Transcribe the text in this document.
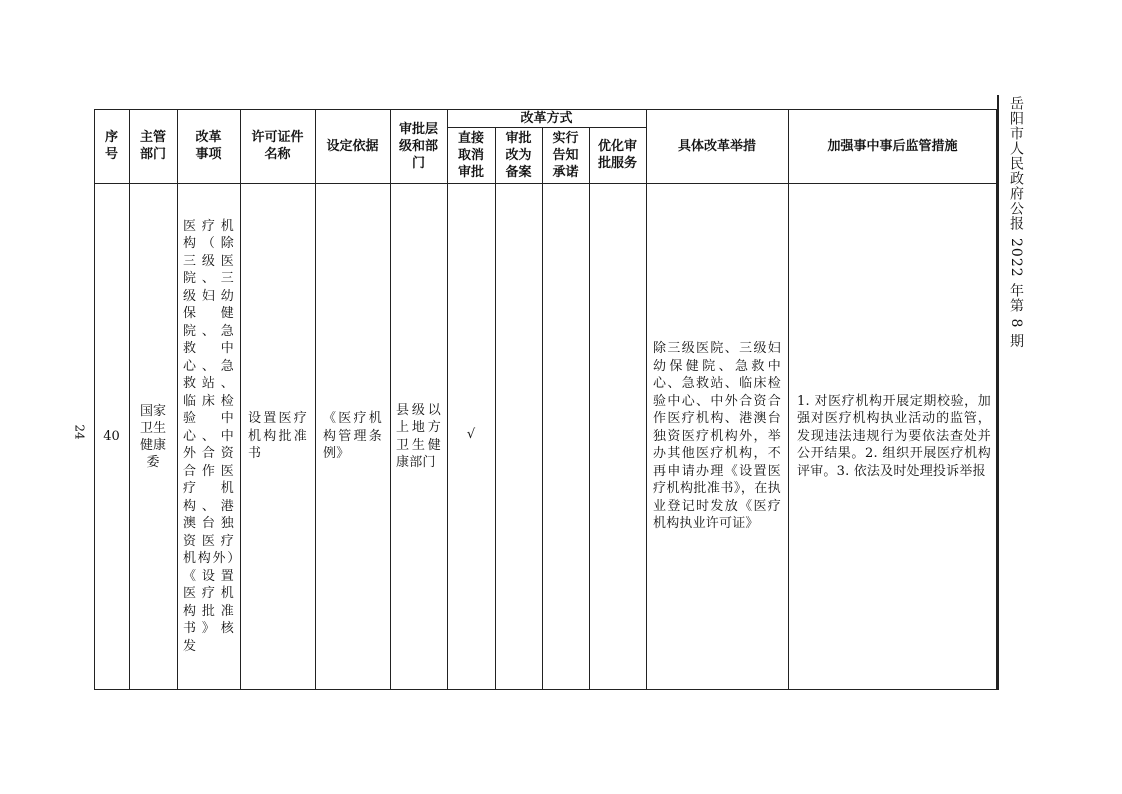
24
岳阳市人民政府公报
2022 年第 8 期
序号
主管部门
改革事项
许可证件名称
设定依据
审批层级和部门
改革方式
直接取消审批
审批改为备案
实行告知承诺
优化审批服务
具体改革举措	加强事中事后监管措施
40
国家卫生健康委
医疗机构（除三级医院、三级妇幼保健院、急救中心、急救站、临床检验中心、中外合资合作医疗机构、港澳台独资医疗机构外）《设置医疗机构批准书》核发
设置医疗机构批准书
《医疗机构管理条例》
县级以上地方卫生健康部门
√
除三级医院、三级妇幼保健院、急救中心、急救站、临床检验中心、中外合资合作医疗机构、港澳台独资医疗机构外，举办其他医疗机构，不再申请办理《设置医疗机构批准书》，在执业登记时发放《医疗机构执业许可证》
1. 对医疗机构开展定期校验，加强对医疗机构执业活动的监管，发现违法违规行为要依法查处并公开结果。2. 组织开展医疗机构评审。3. 依法及时处理投诉举报
